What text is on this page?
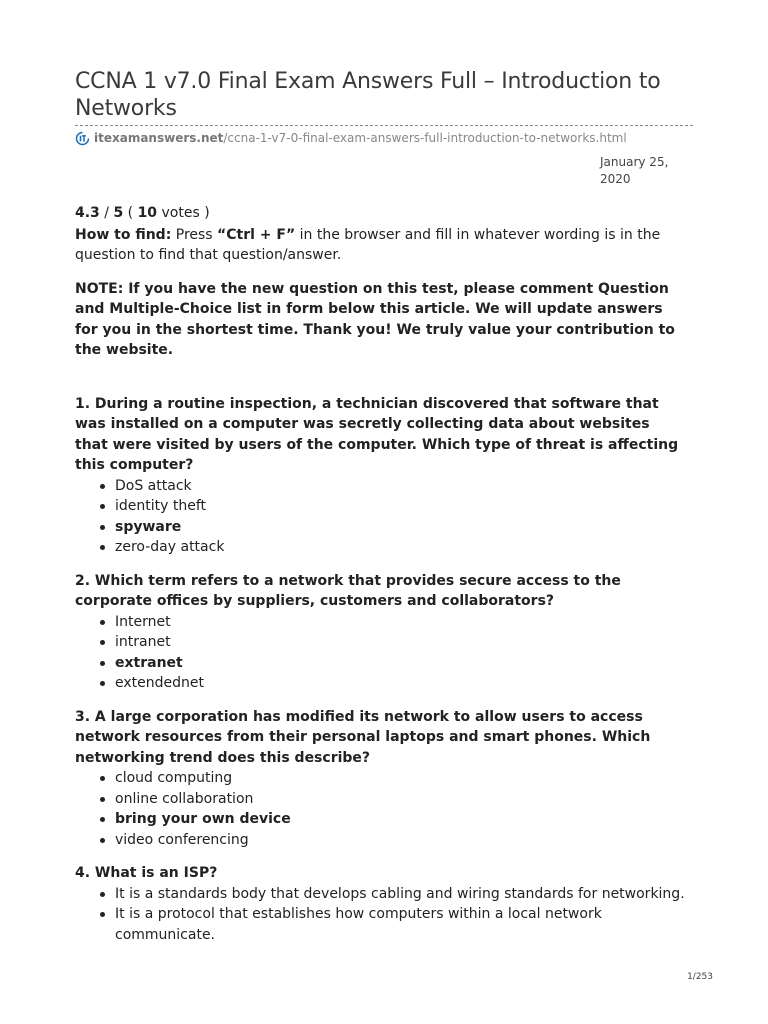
CCNA 1 v7.0 Final Exam Answers Full – Introduction to Networks
itexamanswers.net /ccna-1-v7-0-final-exam-answers-full-introduction-to-networks.html
January 25, 2020

4.3 / 5 ( 10 votes )

How to find: Press “Ctrl + F” in the browser and fill in whatever wording is in the question to find that question/answer.

NOTE: If you have the new question on this test, please comment Question and Multiple-Choice list in form below this article. We will update answers for you in the shortest time. Thank you! We truly value your contribution to the website.

1. During a routine inspection, a technician discovered that software that was installed on a computer was secretly collecting data about websites that were visited by users of the computer. Which type of threat is affecting this computer?

DoS attack
identity theft
spyware
zero-day attack

2. Which term refers to a network that provides secure access to the corporate offices by suppliers, customers and collaborators?

Internet
intranet
extranet
extendednet

3. A large corporation has modified its network to allow users to access network resources from their personal laptops and smart phones. Which networking trend does this describe?

cloud computing
online collaboration
bring your own device
video conferencing

4. What is an ISP?

It is a standards body that develops cabling and wiring standards for networking.
It is a protocol that establishes how computers within a local network communicate.
1/253
